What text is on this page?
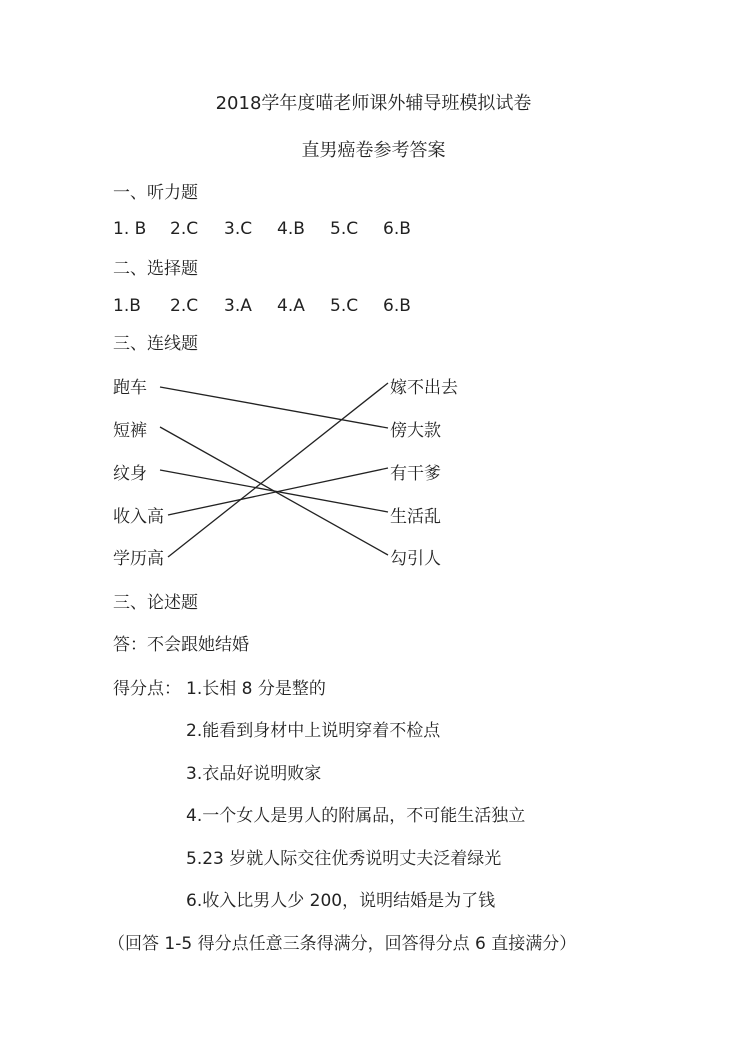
2018学年度喵老师课外辅导班模拟试卷
直男癌卷参考答案
一、听力题
1. B 2.C 3.C 4.B 5.C 6.B
二、选择题
1.B 2.C 3.A 4.A 5.C 6.B
三、连线题
跑车
短裤
纹身
收入高
学历高
嫁不出去
傍大款
有干爹
生活乱
勾引人
三、论述题
答：不会跟她结婚
得分点： 1.长相 8 分是整的
2.能看到身材中上说明穿着不检点
3.衣品好说明败家
4.一个女人是男人的附属品，不可能生活独立
5.23 岁就人际交往优秀说明丈夫泛着绿光
6.收入比男人少 200，说明结婚是为了钱
（回答 1-5 得分点任意三条得满分，回答得分点 6 直接满分）
